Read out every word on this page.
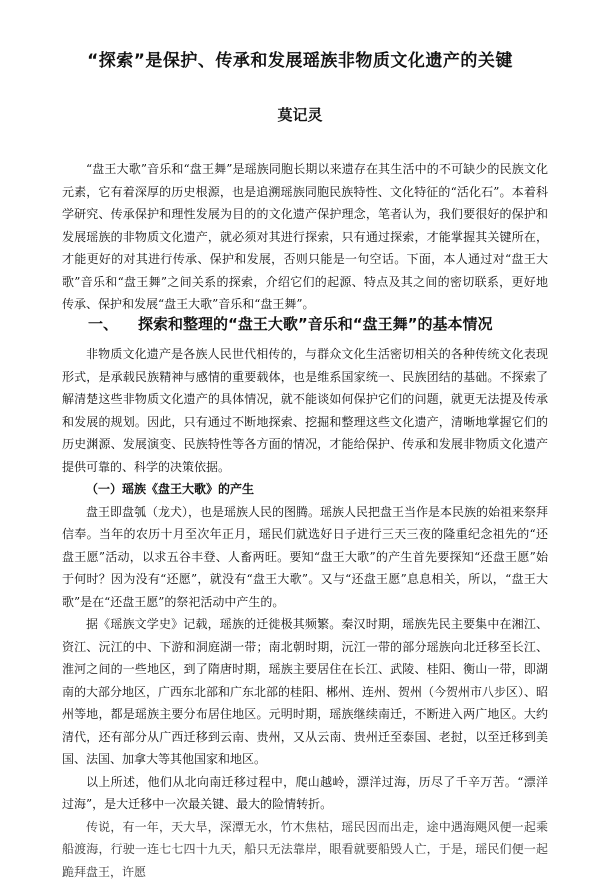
“探索”是保护、传承和发展瑶族非物质文化遗产的关键
莫记灵

“盘王大歌”音乐和“盘王舞”是瑶族同胞长期以来遗存在其生活中的不可缺少的民族文化元素，它有着深厚的历史根源，也是追溯瑶族同胞民族特性、文化特征的“活化石”。本着科学研究、传承保护和理性发展为目的的文化遗产保护理念，笔者认为，我们要很好的保护和发展瑶族的非物质文化遗产，就必须对其进行探索，只有通过探索，才能掌握其关键所在，才能更好的对其进行传承、保护和发展，否则只能是一句空话。下面，本人通过对“盘王大歌”音乐和“盘王舞”之间关系的探索，介绍它们的起源、特点及其之间的密切联系，更好地传承、保护和发展“盘王大歌”音乐和“盘王舞”。

一、 探索和整理的“盘王大歌”音乐和“盘王舞”的基本情况

非物质文化遗产是各族人民世代相传的，与群众文化生活密切相关的各种传统文化表现形式，是承载民族精神与感情的重要载体，也是维系国家统一、民族团结的基础。不探索了解清楚这些非物质文化遗产的具体情况，就不能谈如何保护它们的问题，就更无法提及传承和发展的规划。因此，只有通过不断地探索、挖掘和整理这些文化遗产，清晰地掌握它们的历史渊源、发展演变、民族特性等各方面的情况，才能给保护、传承和发展非物质文化遗产提供可靠的、科学的决策依据。

（一）瑶族《盘王大歌》的产生

盘王即盘瓠（龙犬），也是瑶族人民的图腾。瑶族人民把盘王当作是本民族的始祖来祭拜信奉。当年的农历十月至次年正月，瑶民们就选好日子进行三天三夜的隆重纪念祖先的“还盘王愿”活动，以求五谷丰登、人畜两旺。要知“盘王大歌”的产生首先要探知“还盘王愿”始于何时？因为没有“还愿”，就没有“盘王大歌”。又与“还盘王愿”息息相关，所以，“盘王大歌”是在“还盘王愿”的祭祀活动中产生的。

据《瑶族文学史》记载，瑶族的迁徙极其频繁。秦汉时期，瑶族先民主要集中在湘江、资江、沅江的中、下游和洞庭湖一带；南北朝时期，沅江一带的部分瑶族向北迁移至长江、淮河之间的一些地区，到了隋唐时期，瑶族主要居住在长江、武陵、桂阳、衡山一带，即湖南的大部分地区，广西东北部和广东北部的桂阳、郴州、连州、贺州（今贺州市八步区）、昭州等地，都是瑶族主要分布居住地区。元明时期，瑶族继续南迁，不断进入两广地区。大约清代，还有部分从广西迁移到云南、贵州，又从云南、贵州迁至泰国、老挝，以至迁移到美国、法国、加拿大等其他国家和地区。

以上所述，他们从北向南迁移过程中，爬山越岭，漂洋过海，历尽了千辛万苦。“漂洋过海”，是大迁移中一次最关键、最大的险情转折。

传说，有一年，天大旱，深潭无水，竹木焦枯，瑶民因而出走，途中遇海飓风便一起乘船渡海，行驶一连七七四十九天，船只无法靠岸，眼看就要船毁人亡，于是，瑶民们便一起跪拜盘王，许愿
